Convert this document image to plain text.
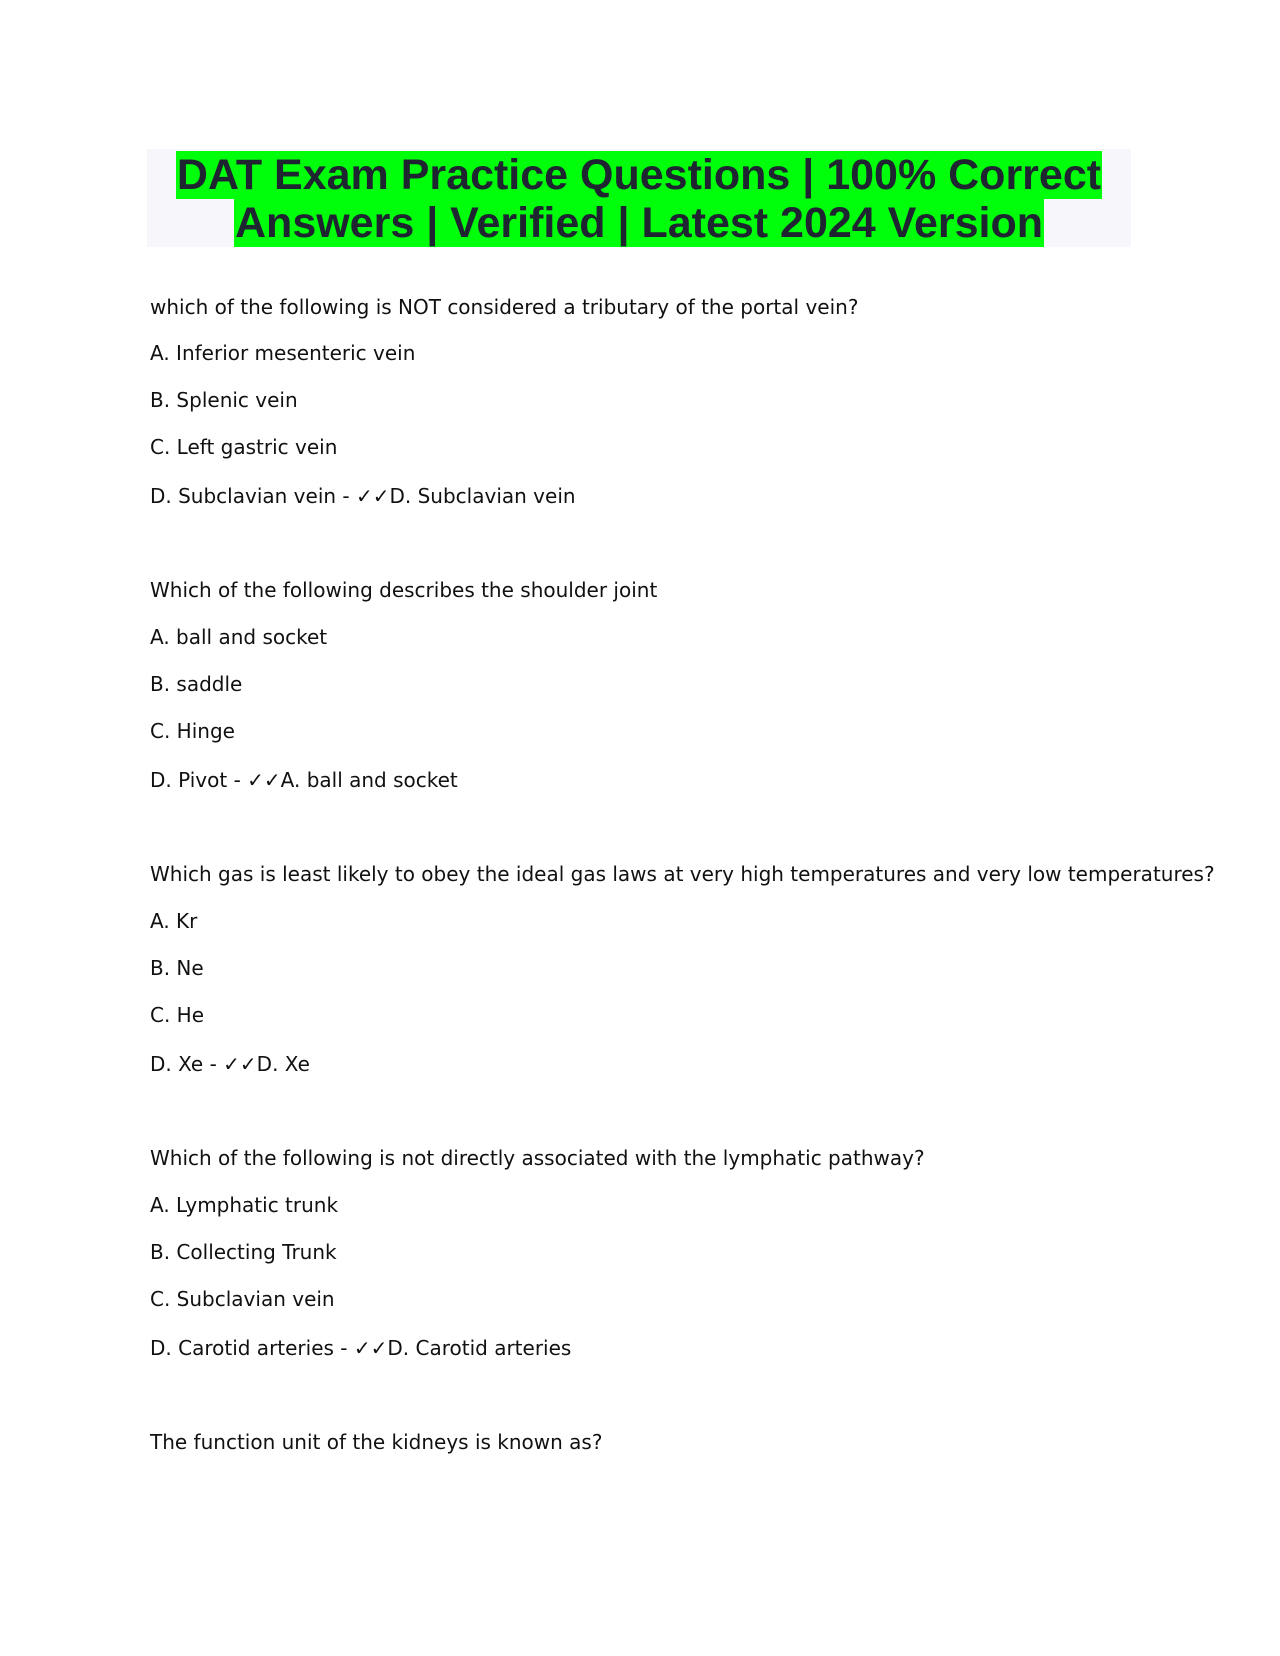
DAT Exam Practice Questions | 100% Correct
Answers | Verified | Latest 2024 Version
which of the following is NOT considered a tributary of the portal vein?
A. Inferior mesenteric vein
B. Splenic vein
C. Left gastric vein
D. Subclavian vein - ✓✓D. Subclavian vein
Which of the following describes the shoulder joint
A. ball and socket
B. saddle
C. Hinge
D. Pivot - ✓✓A. ball and socket
Which gas is least likely to obey the ideal gas laws at very high temperatures and very low temperatures?
A. Kr
B. Ne
C. He
D. Xe - ✓✓D. Xe
Which of the following is not directly associated with the lymphatic pathway?
A. Lymphatic trunk
B. Collecting Trunk
C. Subclavian vein
D. Carotid arteries - ✓✓D. Carotid arteries
The function unit of the kidneys is known as?
